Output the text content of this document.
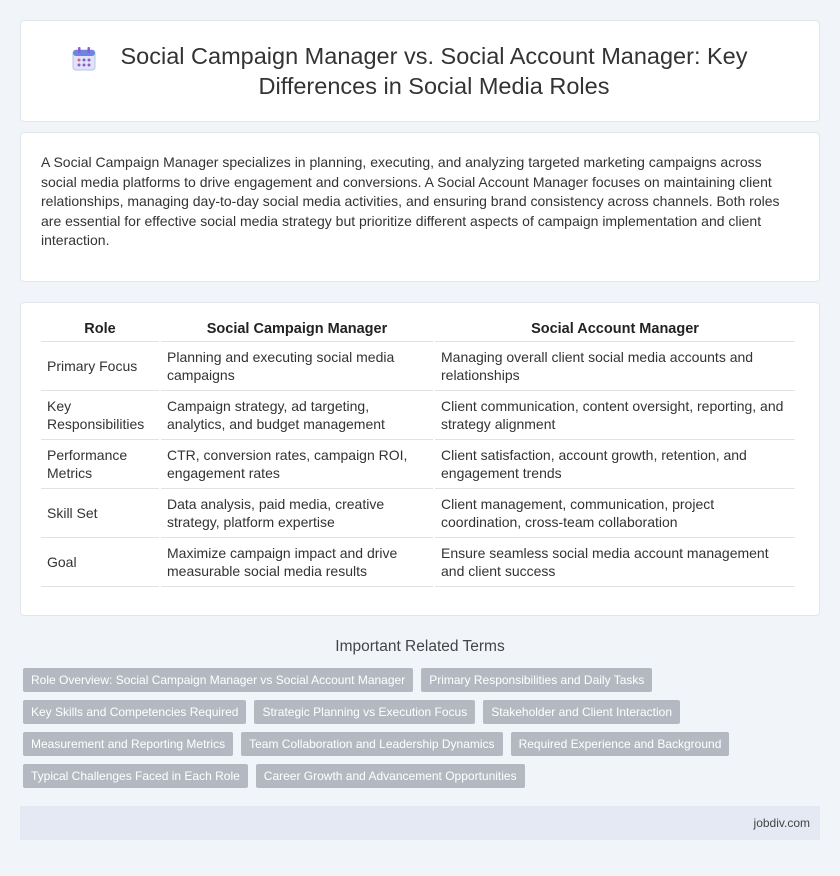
Social Campaign Manager vs. Social Account Manager: Key Differences in Social Media Roles

A Social Campaign Manager specializes in planning, executing, and analyzing targeted marketing campaigns across social media platforms to drive engagement and conversions. A Social Account Manager focuses on maintaining client relationships, managing day-to-day social media activities, and ensuring brand consistency across channels. Both roles are essential for effective social media strategy but prioritize different aspects of campaign implementation and client interaction.

Role	Social Campaign Manager	Social Account Manager
Primary Focus	Planning and executing social media campaigns	Managing overall client social media accounts and relationships
Key Responsibilities	Campaign strategy, ad targeting, analytics, and budget management	Client communication, content oversight, reporting, and strategy alignment
Performance Metrics	CTR, conversion rates, campaign ROI, engagement rates	Client satisfaction, account growth, retention, and engagement trends
Skill Set	Data analysis, paid media, creative strategy, platform expertise	Client management, communication, project coordination, cross-team collaboration
Goal	Maximize campaign impact and drive measurable social media results	Ensure seamless social media account management and client success
Important Related Terms
Role Overview: Social Campaign Manager vs Social Account Manager	Primary Responsibilities and Daily Tasks
Key Skills and Competencies Required	Strategic Planning vs Execution Focus	Stakeholder and Client Interaction
Measurement and Reporting Metrics	Team Collaboration and Leadership Dynamics	Required Experience and Background
Typical Challenges Faced in Each Role	Career Growth and Advancement Opportunities
jobdiv.com
